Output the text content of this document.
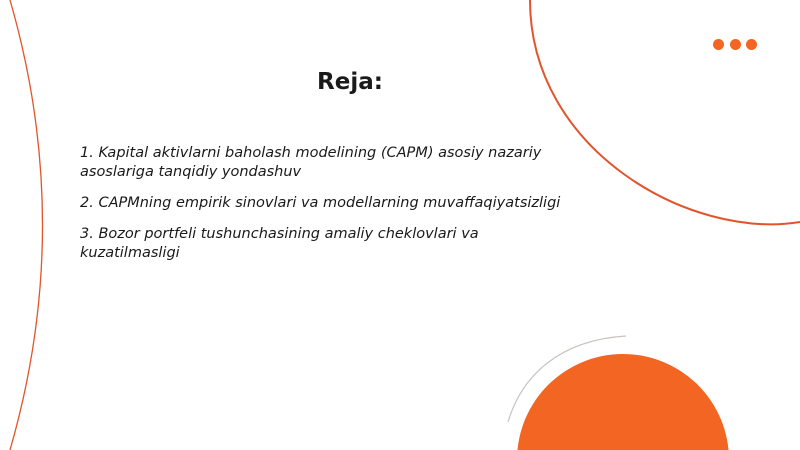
Reja:
1. Kapital aktivlarni baholash modelining (CAPM) asosiy nazariy asoslariga tanqidiy yondashuv
2. CAPMning empirik sinovlari va modellarning muvaffaqiyatsizligi
3. Bozor portfeli tushunchasining amaliy cheklovlari va kuzatilmasligi
